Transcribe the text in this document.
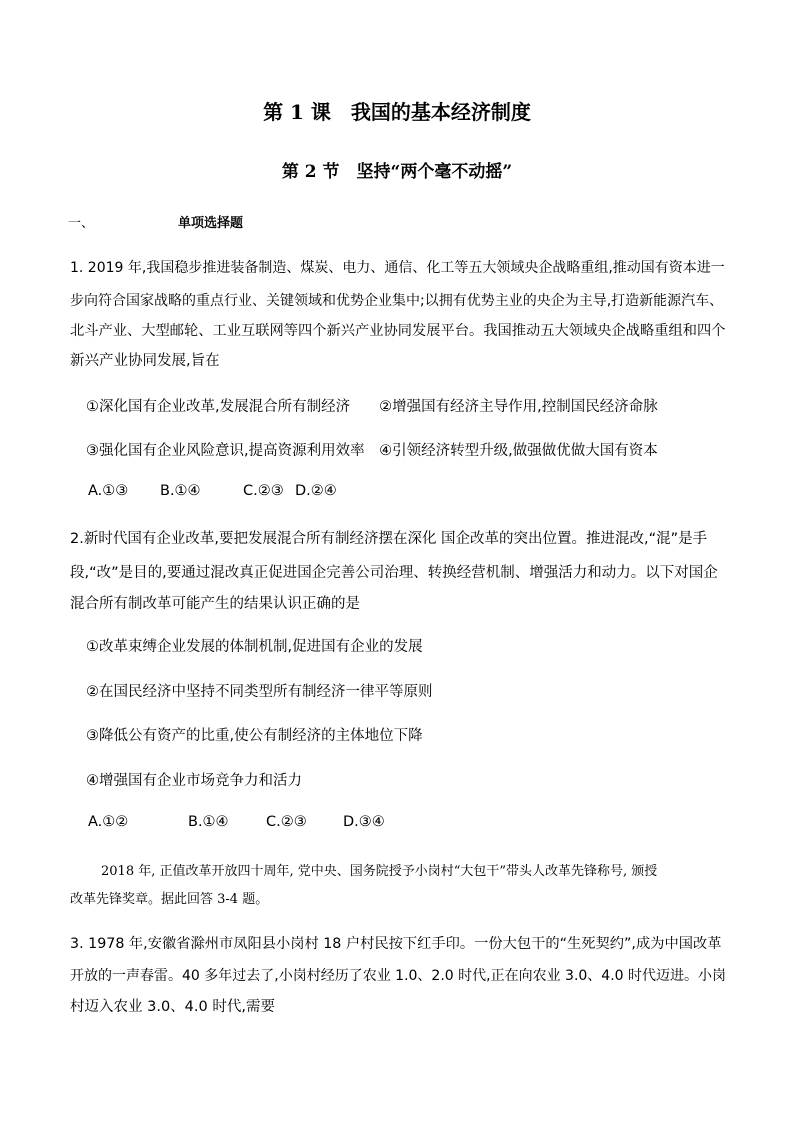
第 1 课　我国的基本经济制度
第 2 节　坚持“两个毫不动摇”
一、	单项选择题
1. 2019 年,我国稳步推进装备制造、煤炭、电力、通信、化工等五大领域央企战略重组,推动国有资本进一
步向符合国家战略的重点行业、关键领域和优势企业集中;以拥有优势主业的央企为主导,打造新能源汽车、
北斗产业、大型邮轮、工业互联网等四个新兴产业协同发展平台。我国推动五大领域央企战略重组和四个
新兴产业协同发展,旨在
①深化国有企业改革,发展混合所有制经济　　②增强国有经济主导作用,控制国民经济命脉
③强化国有企业风险意识,提高资源利用效率　④引领经济转型升级,做强做优做大国有资本
A.①③ B.①④	C.②③ D.②④
2.新时代国有企业改革,要把发展混合所有制经济摆在深化 国企改革的突出位置。推进混改,“混”是手
段,“改”是目的,要通过混改真正促进国企完善公司治理、转换经营机制、增强活力和动力。以下对国企
混合所有制改革可能产生的结果认识正确的是
①改革束缚企业发展的体制机制,促进国有企业的发展
②在国民经济中坚持不同类型所有制经济一律平等原则
③降低公有资产的比重,使公有制经济的主体地位下降
④增强国有企业市场竞争力和活力
A.①②	B.①④	C.②③	D.③④
2018 年, 正值改革开放四十周年, 党中央、国务院授予小岗村“大包干”带头人改革先锋称号, 颁授
改革先锋奖章。据此回答 3-4 题。
3. 1978 年,安徽省滁州市凤阳县小岗村 18 户村民按下红手印。一份大包干的“生死契约”,成为中国改革
开放的一声春雷。40 多年过去了,小岗村经历了农业 1.0、2.0 时代,正在向农业 3.0、4.0 时代迈进。小岗
村迈入农业 3.0、4.0 时代,需要
